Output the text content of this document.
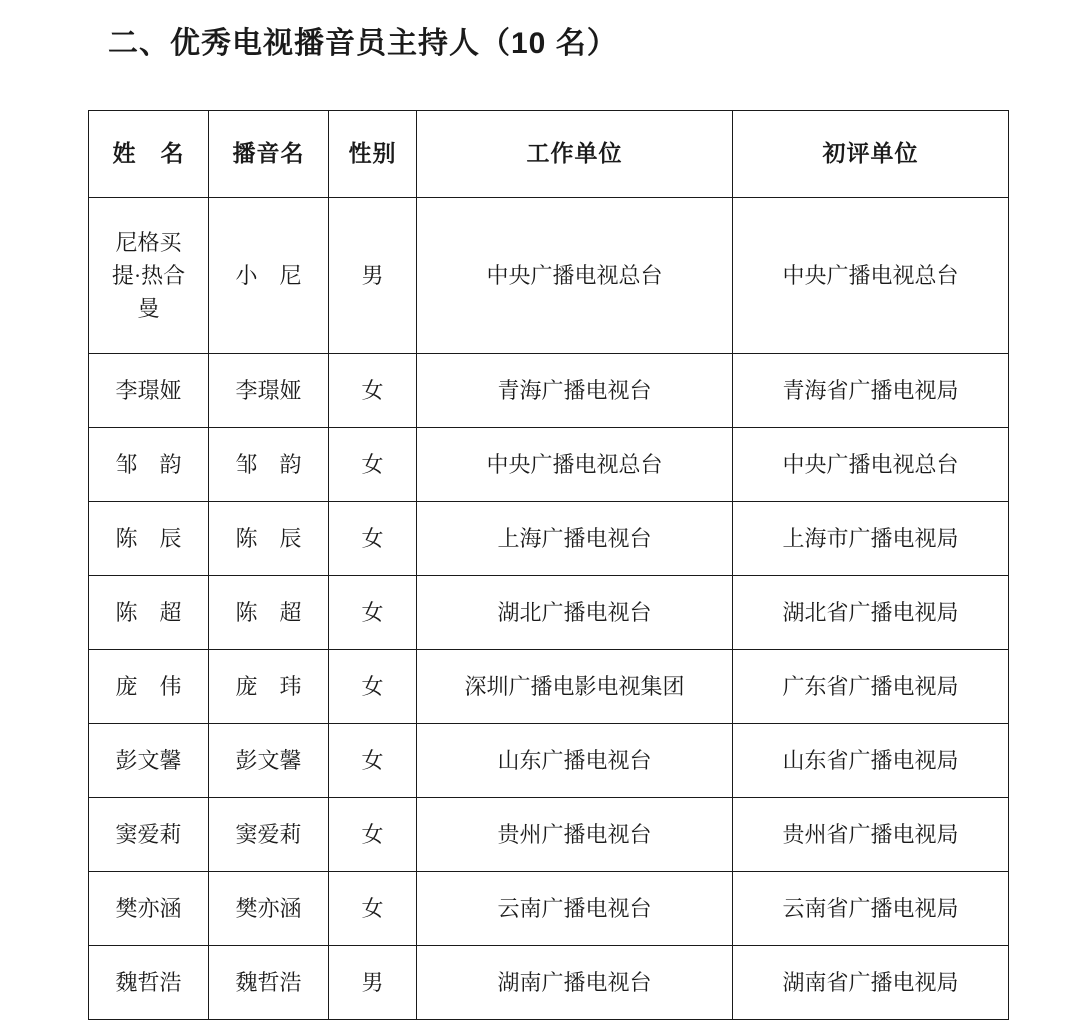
二、优秀电视播音员主持人（10 名）
姓　名	播音名	性别	工作单位	初评单位

尼格买
提·热合
曼	小　尼	男	中央广播电视总台	中央广播电视总台
李璟娅	李璟娅	女	青海广播电视台	青海省广播电视局
邹　韵	邹　韵	女	中央广播电视总台	中央广播电视总台
陈　辰	陈　辰	女	上海广播电视台	上海市广播电视局
陈　超	陈　超	女	湖北广播电视台	湖北省广播电视局
庞　伟	庞　玮	女	深圳广播电影电视集团	广东省广播电视局
彭文馨	彭文馨	女	山东广播电视台	山东省广播电视局
窦爱莉	窦爱莉	女	贵州广播电视台	贵州省广播电视局
樊亦涵	樊亦涵	女	云南广播电视台	云南省广播电视局
魏哲浩	魏哲浩	男	湖南广播电视台	湖南省广播电视局
